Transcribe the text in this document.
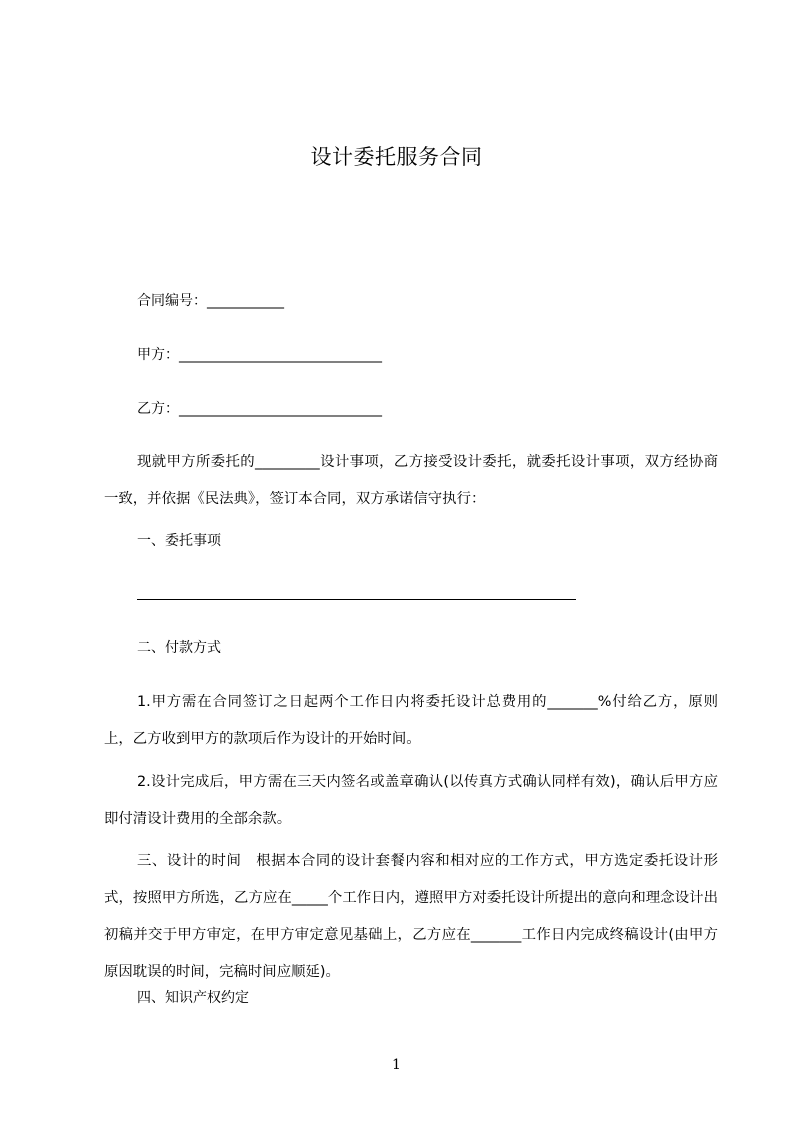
设计委托服务合同
合同编号：___________
甲方：_____________________________
乙方：_____________________________
现就甲方所委托的_________设计事项，乙方接受设计委托，就委托设计事项，双方经协商一致，并依据《民法典》，签订本合同，双方承诺信守执行：
一、委托事项
二、付款方式
1.甲方需在合同签订之日起两个工作日内将委托设计总费用的_______%付给乙方，原则上，乙方收到甲方的款项后作为设计的开始时间。
2.设计完成后，甲方需在三天内签名或盖章确认(以传真方式确认同样有效)，确认后甲方应即付清设计费用的全部余款。
三、设计的时间　根据本合同的设计套餐内容和相对应的工作方式，甲方选定委托设计形式，按照甲方所选，乙方应在_____个工作日内，遵照甲方对委托设计所提出的意向和理念设计出初稿并交于甲方审定，在甲方审定意见基础上，乙方应在_______工作日内完成终稿设计(由甲方原因耽误的时间，完稿时间应顺延)。
四、知识产权约定
1
